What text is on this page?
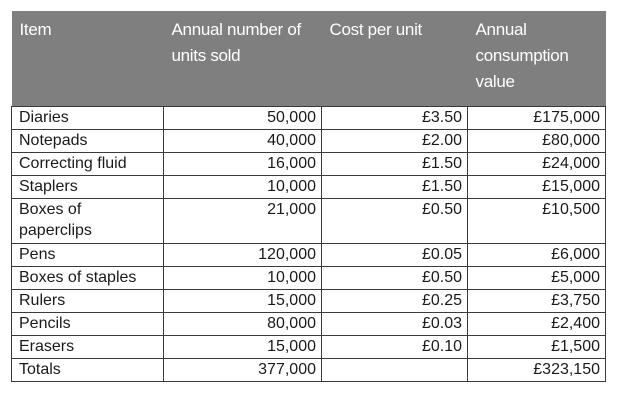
Item	Annual number of units sold	Cost per unit	Annual consumption value
Diaries	50,000	£3.50	£175,000
Notepads	40,000	£2.00	£80,000
Correcting fluid	16,000	£1.50	£24,000
Staplers	10,000	£1.50	£15,000
Boxes of paperclips	21,000	£0.50	£10,500
Pens	120,000	£0.05	£6,000
Boxes of staples	10,000	£0.50	£5,000
Rulers	15,000	£0.25	£3,750
Pencils	80,000	£0.03	£2,400
Erasers	15,000	£0.10	£1,500
Totals	377,000		£323,150
